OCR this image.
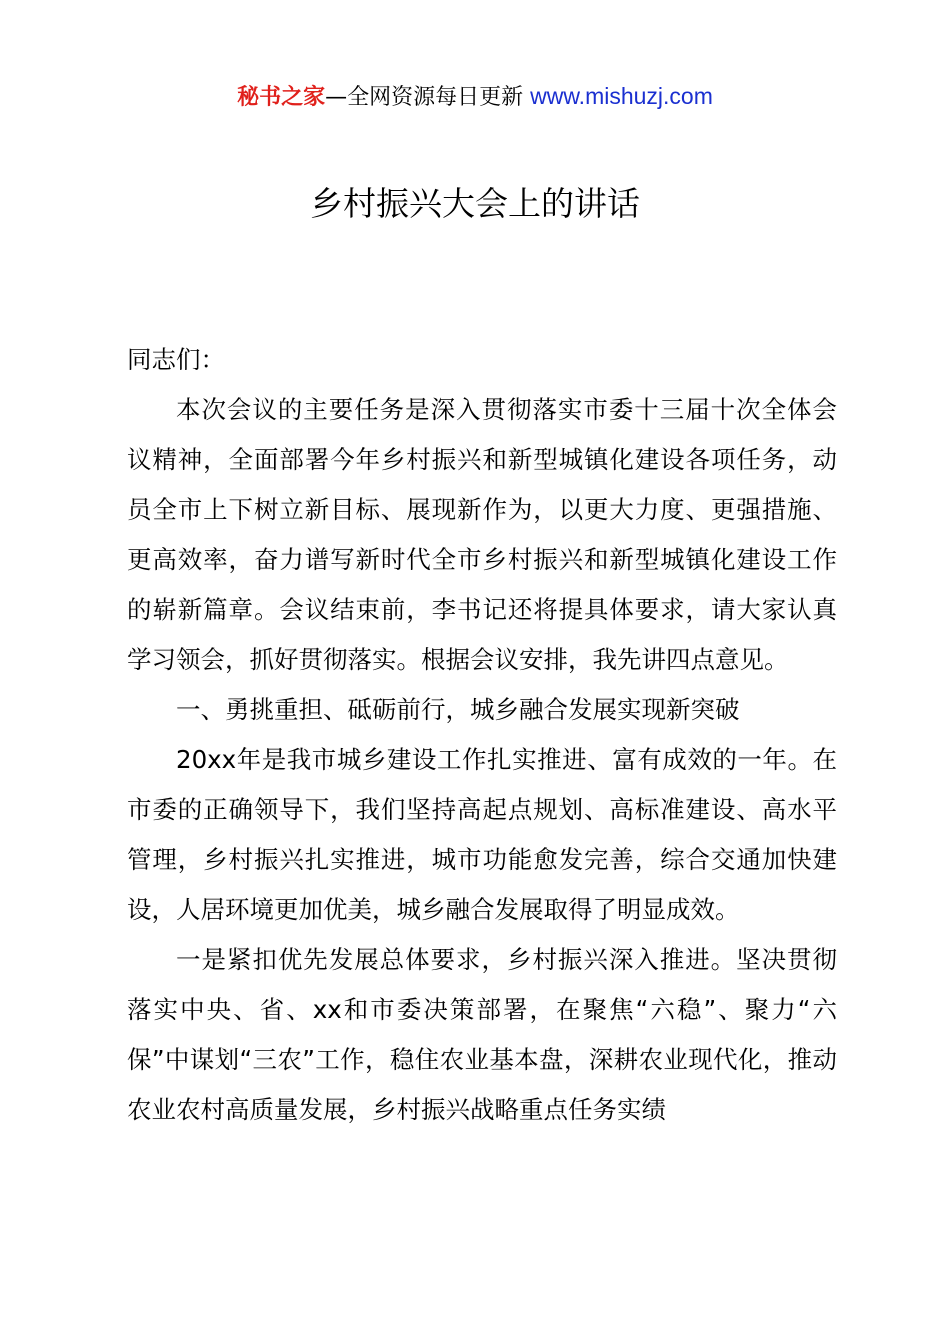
秘书之家—全网资源每日更新 www.mishuzj.com
乡村振兴大会上的讲话

同志们：

本次会议的主要任务是深入贯彻落实市委十三届十次全体会议精神，全面部署今年乡村振兴和新型城镇化建设各项任务，动员全市上下树立新目标、展现新作为，以更大力度、更强措施、更高效率，奋力谱写新时代全市乡村振兴和新型城镇化建设工作的崭新篇章。会议结束前，李书记还将提具体要求，请大家认真学习领会，抓好贯彻落实。根据会议安排，我先讲四点意见。

一、勇挑重担、砥砺前行，城乡融合发展实现新突破

20xx年是我市城乡建设工作扎实推进、富有成效的一年。在市委的正确领导下，我们坚持高起点规划、高标准建设、高水平管理，乡村振兴扎实推进，城市功能愈发完善，综合交通加快建设，人居环境更加优美，城乡融合发展取得了明显成效。

一是紧扣优先发展总体要求，乡村振兴深入推进。坚决贯彻落实中央、省、xx和市委决策部署，在聚焦“六稳”、聚力“六保”中谋划“三农”工作，稳住农业基本盘，深耕农业现代化，推动农业农村高质量发展，乡村振兴战略重点任务实绩
